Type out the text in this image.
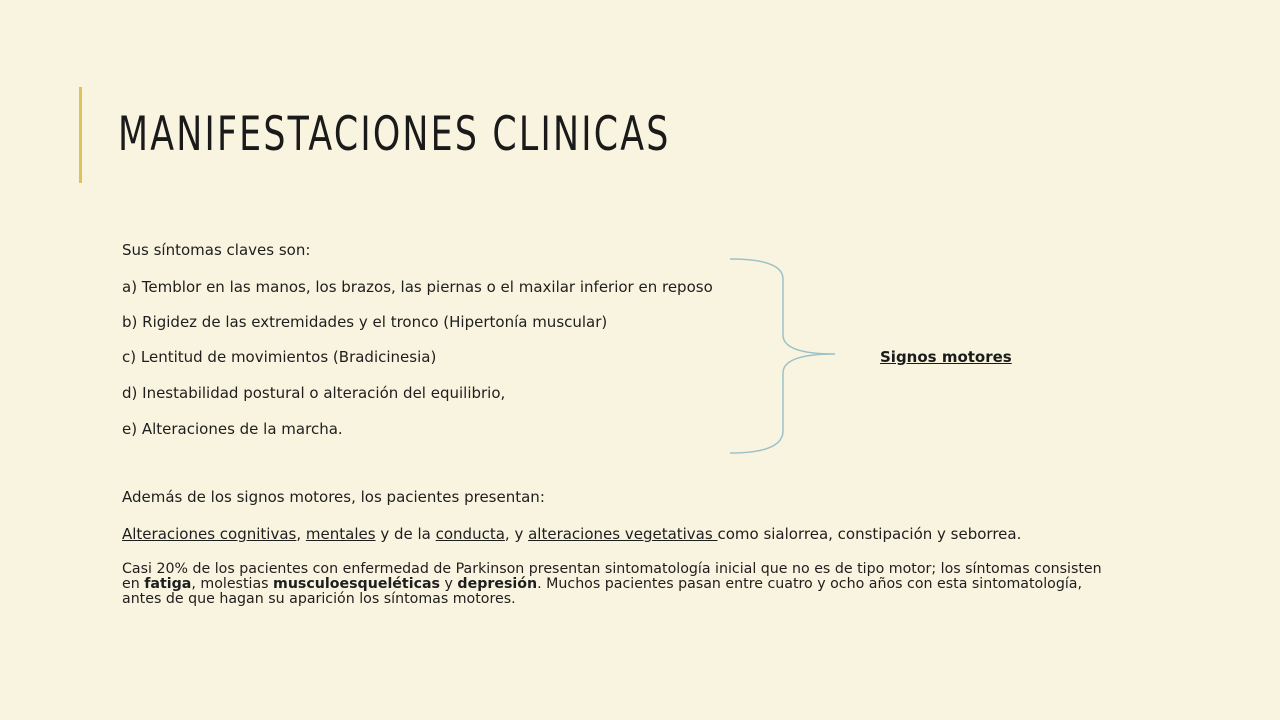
MANIFESTACIONES CLINICAS
Sus síntomas claves son:
a) Temblor en las manos, los brazos, las piernas o el maxilar inferior en reposo
b) Rigidez de las extremidades y el tronco (Hipertonía muscular)
c) Lentitud de movimientos (Bradicinesia)
d) Inestabilidad postural o alteración del equilibrio,
e) Alteraciones de la marcha.
Signos motores
Además de los signos motores, los pacientes presentan:
Alteraciones cognitivas, mentales y de la conducta, y alteraciones vegetativas como sialorrea, constipación y seborrea.
Casi 20% de los pacientes con enfermedad de Parkinson presentan sintomatología inicial que no es de tipo motor; los síntomas consisten en fatiga, molestias musculoesqueléticas y depresión. Muchos pacientes pasan entre cuatro y ocho años con esta sintomatología, antes de que hagan su aparición los síntomas motores.
